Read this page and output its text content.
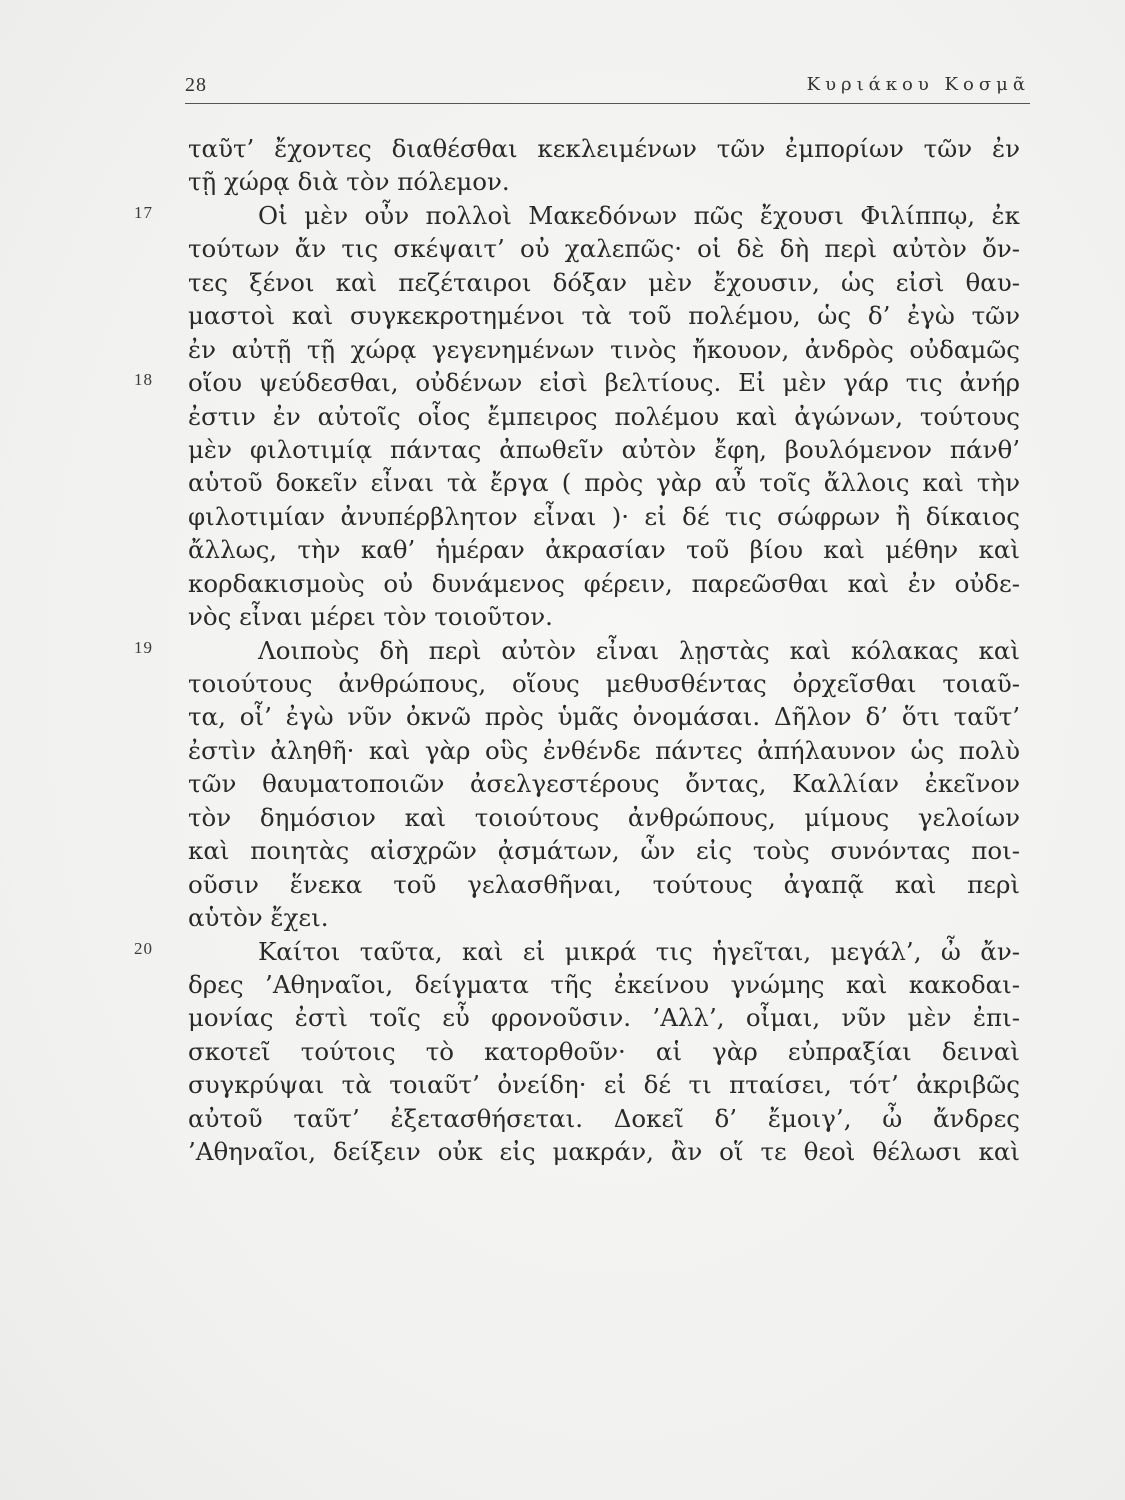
28	Κυριάκου Κοσμᾶ
ταῦτ’ ἔχοντες διαθέσθαι κεκλειμένων τῶν ἐμπορίων τῶν ἐν
τῇ χώρᾳ διὰ τὸν πόλεμον.
17	Οἱ μὲν οὖν πολλοὶ Μακεδόνων πῶς ἔχουσι Φιλίππῳ, ἐκ
τούτων ἄν τις σκέψαιτ’ οὐ χαλεπῶς· οἱ δὲ δὴ περὶ αὐτὸν ὄν-
τες ξένοι καὶ πεζέταιροι δόξαν μὲν ἔχουσιν, ὡς εἰσὶ θαυ-
μαστοὶ καὶ συγκεκροτημένοι τὰ τοῦ πολέμου, ὡς δ’ ἐγὼ τῶν
ἐν αὐτῇ τῇ χώρᾳ γεγενημένων τινὸς ἤκουον, ἀνδρὸς οὐδαμῶς
18 οἵου ψεύδεσθαι, οὐδένων εἰσὶ βελτίους. Εἰ μὲν γάρ τις ἀνήρ
ἐστιν ἐν αὐτοῖς οἷος ἔμπειρος πολέμου καὶ ἀγώνων, τούτους
μὲν φιλοτιμίᾳ πάντας ἀπωθεῖν αὐτὸν ἔφη, βουλόμενον πάνθ’
αὑτοῦ δοκεῖν εἶναι τὰ ἔργα ( πρὸς γὰρ αὖ τοῖς ἄλλοις καὶ τὴν
φιλοτιμίαν ἀνυπέρβλητον εἶναι )· εἰ δέ τις σώφρων ἢ δίκαιος
ἄλλως, τὴν καθ’ ἡμέραν ἀκρασίαν τοῦ βίου καὶ μέθην καὶ
κορδακισμοὺς οὐ δυνάμενος φέρειν, παρεῶσθαι καὶ ἐν οὐδε-
νὸς εἶναι μέρει τὸν τοιοῦτον.
19	Λοιποὺς δὴ περὶ αὐτὸν εἶναι λῃστὰς καὶ κόλακας καὶ
τοιούτους ἀνθρώπους, οἵους μεθυσθέντας ὀρχεῖσθαι τοιαῦ-
τα, οἷ’ ἐγὼ νῦν ὀκνῶ πρὸς ὑμᾶς ὀνομάσαι. Δῆλον δ’ ὅτι ταῦτ’
ἐστὶν ἀληθῆ· καὶ γὰρ οὓς ἐνθένδε πάντες ἀπήλαυνον ὡς πολὺ
τῶν θαυματοποιῶν ἀσελγεστέρους ὄντας, Καλλίαν ἐκεῖνον
τὸν δημόσιον καὶ τοιούτους ἀνθρώπους, μίμους γελοίων
καὶ ποιητὰς αἰσχρῶν ᾀσμάτων, ὧν εἰς τοὺς συνόντας ποι-
οῦσιν ἕνεκα τοῦ γελασθῆναι, τούτους ἀγαπᾷ καὶ περὶ
αὑτὸν ἔχει.
20	Καίτοι ταῦτα, καὶ εἰ μικρά τις ἡγεῖται, μεγάλ’, ὦ ἄν-
δρες ’Αθηναῖοι, δείγματα τῆς ἐκείνου γνώμης καὶ κακοδαι-
μονίας ἐστὶ τοῖς εὖ φρονοῦσιν. ’Αλλ’, οἶμαι, νῦν μὲν ἐπι-
σκοτεῖ τούτοις τὸ κατορθοῦν· αἱ γὰρ εὐπραξίαι δειναὶ
συγκρύψαι τὰ τοιαῦτ’ ὀνείδη· εἰ δέ τι πταίσει, τότ’ ἀκριβῶς
αὐτοῦ ταῦτ’ ἐξετασθήσεται. Δοκεῖ δ’ ἔμοιγ’, ὦ ἄνδρες
’Αθηναῖοι, δείξειν οὐκ εἰς μακράν, ἂν οἵ τε θεοὶ θέλωσι καὶ
